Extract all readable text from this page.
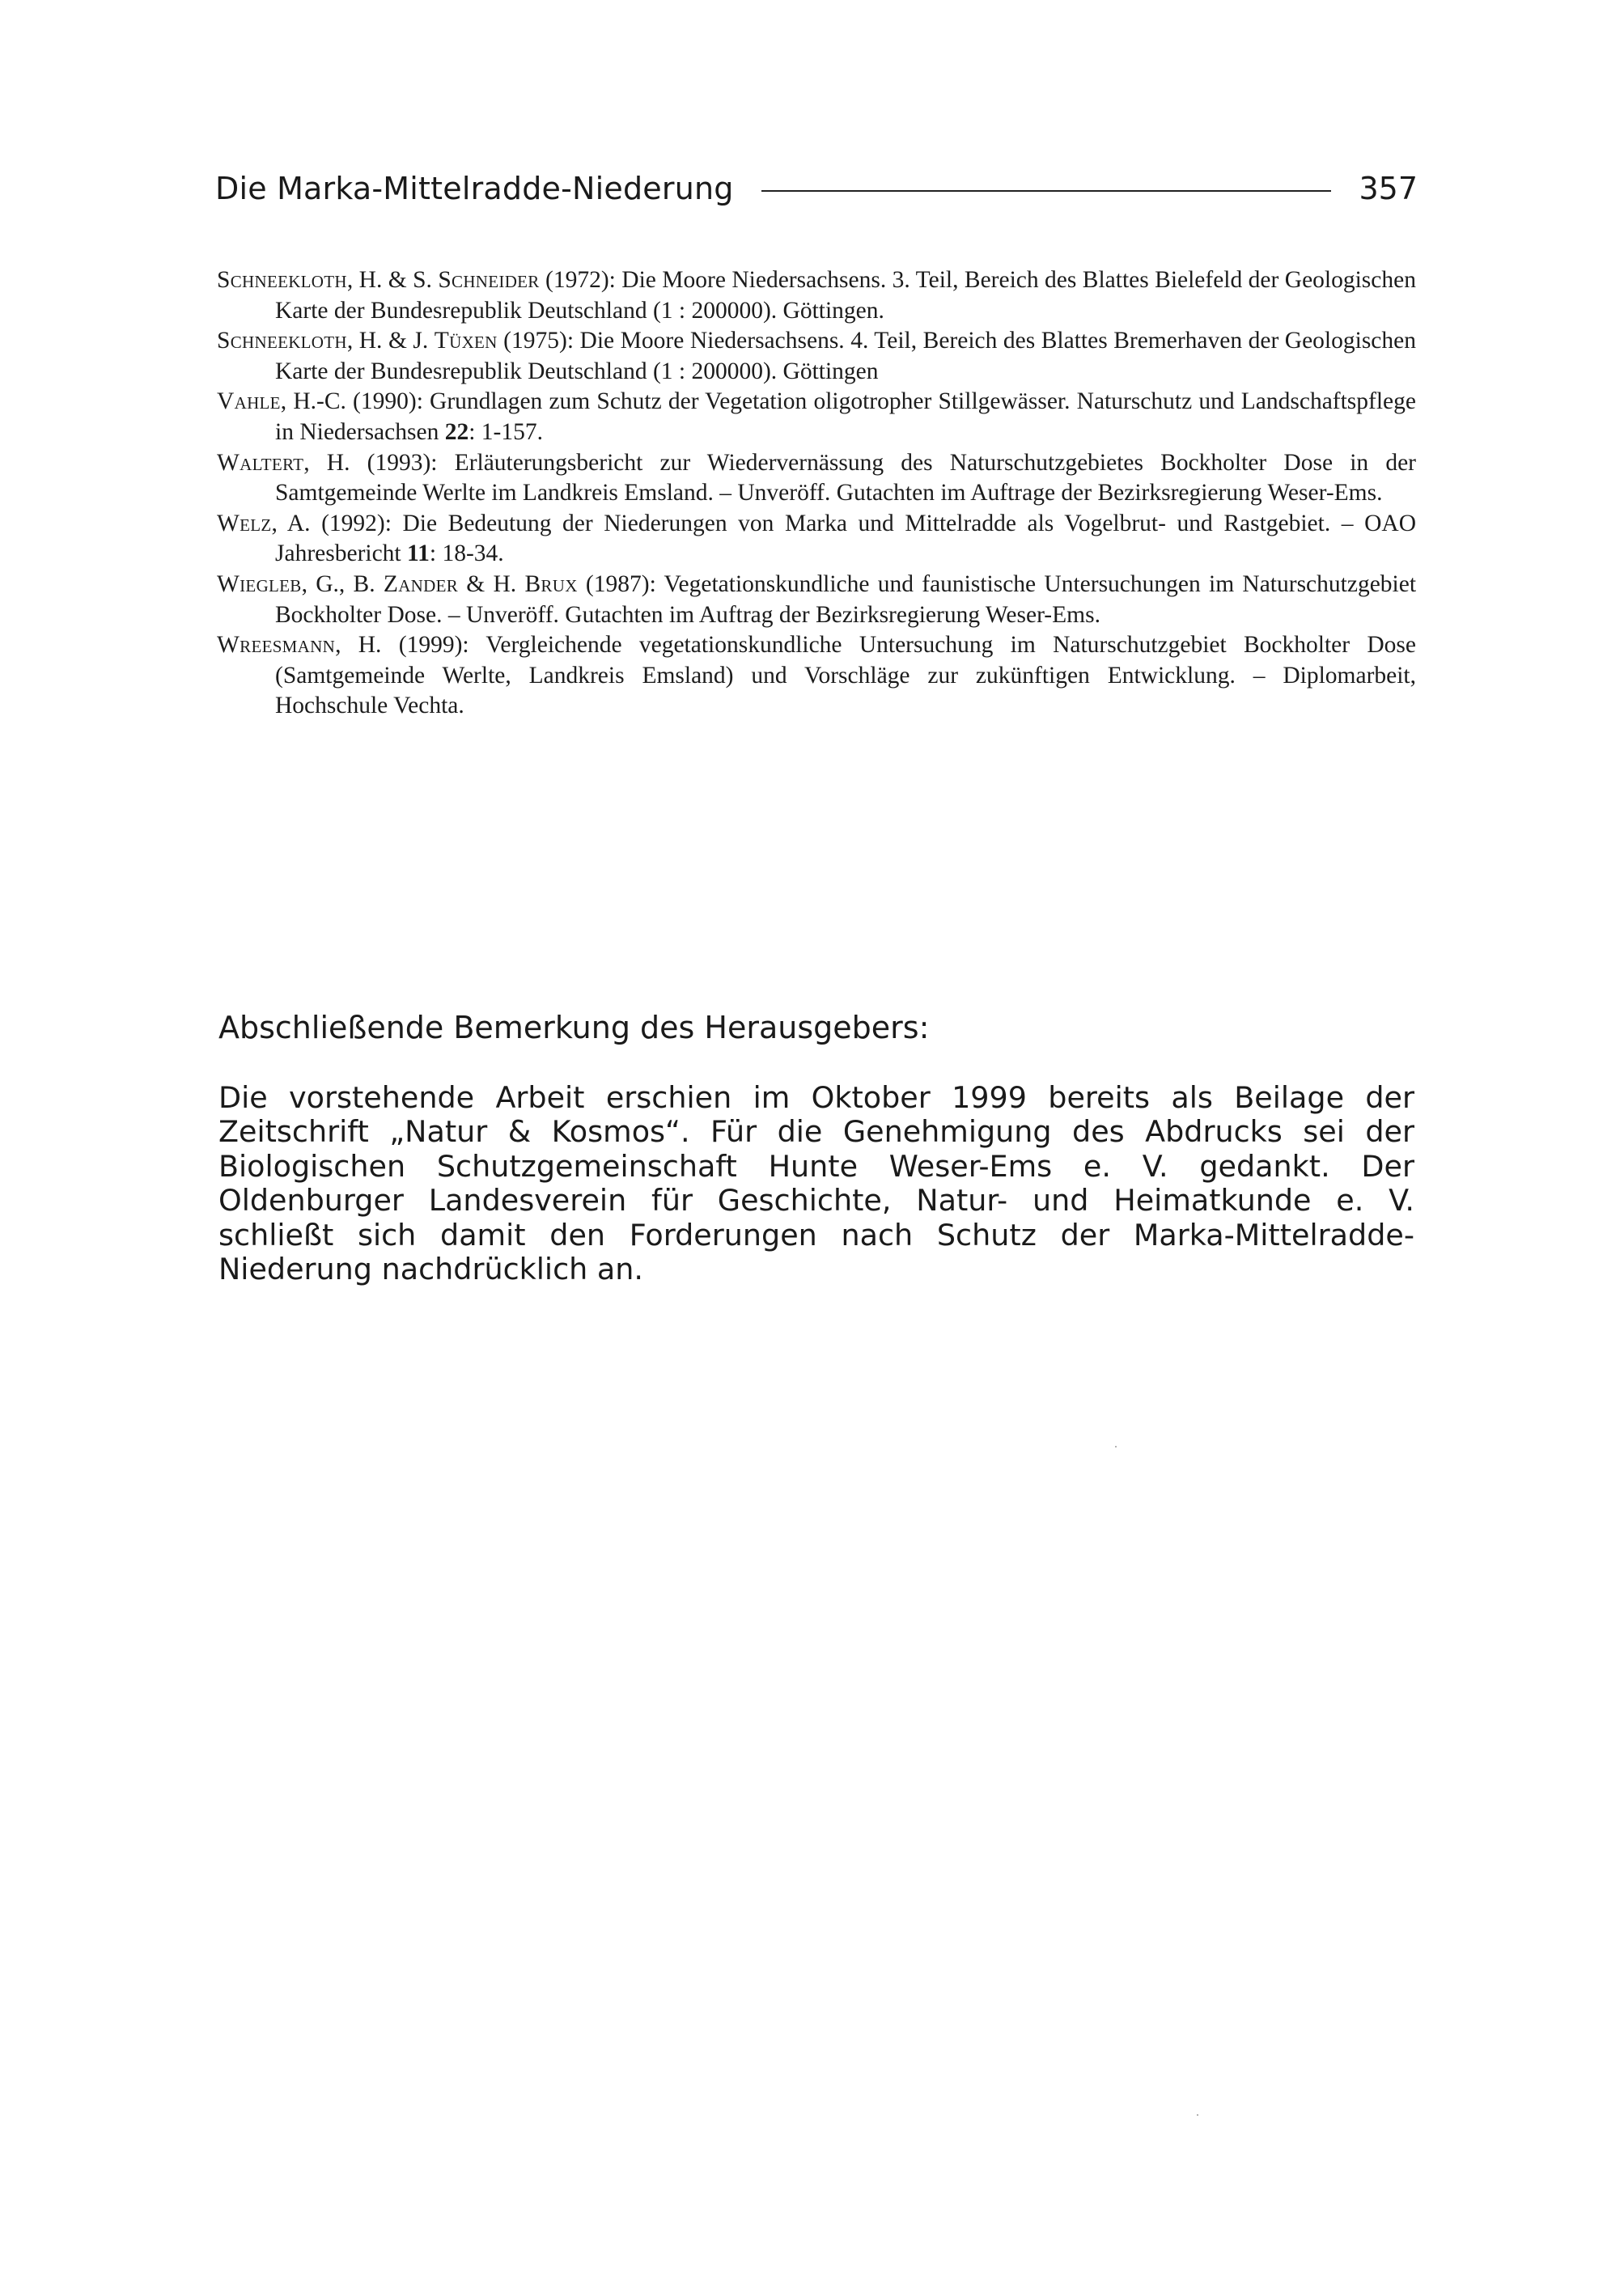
Die Marka-Mittelradde-Niederung	357

Schneekloth, H. & S. Schneider (1972): Die Moore Niedersachsens. 3. Teil, Bereich des Blattes Bielefeld der Geologischen Karte der Bundesrepublik Deutschland (1 : 200000). Göttingen.

Schneekloth, H. & J. Tüxen (1975): Die Moore Niedersachsens. 4. Teil, Bereich des Blattes Bremerhaven der Geologischen Karte der Bundesrepublik Deutschland (1 : 200000). Göttingen

Vahle, H.-C. (1990): Grundlagen zum Schutz der Vegetation oligotropher Stillgewässer. Naturschutz und Landschaftspflege in Niedersachsen 22: 1-157.

Waltert, H. (1993): Erläuterungsbericht zur Wiedervernässung des Naturschutzgebietes Bockholter Dose in der Samtgemeinde Werlte im Landkreis Emsland. – Unveröff. Gutachten im Auftrage der Bezirksregierung Weser-Ems.

Welz, A. (1992): Die Bedeutung der Niederungen von Marka und Mittelradde als Vogelbrut- und Rastgebiet. – OAO Jahresbericht 11: 18-34.

Wiegleb, G., B. Zander & H. Brux (1987): Vegetationskundliche und faunistische Untersuchungen im Naturschutzgebiet Bockholter Dose. – Unveröff. Gutachten im Auftrag der Bezirksregierung Weser-Ems.

Wreesmann, H. (1999): Vergleichende vegetationskundliche Untersuchung im Naturschutzgebiet Bockholter Dose (Samtgemeinde Werlte, Landkreis Emsland) und Vorschläge zur zukünftigen Entwicklung. – Diplomarbeit, Hochschule Vechta.

Abschließende Bemerkung des Herausgebers:

Die vorstehende Arbeit erschien im Oktober 1999 bereits als Beilage der Zeitschrift „Natur & Kosmos“. Für die Genehmigung des Abdrucks sei der Biologischen Schutzgemeinschaft Hunte Weser-Ems e. V. gedankt. Der Oldenburger Landesverein für Geschichte, Natur- und Heimatkunde e. V. schließt sich damit den Forderungen nach Schutz der Marka-Mittelradde-Niederung nachdrücklich an.
